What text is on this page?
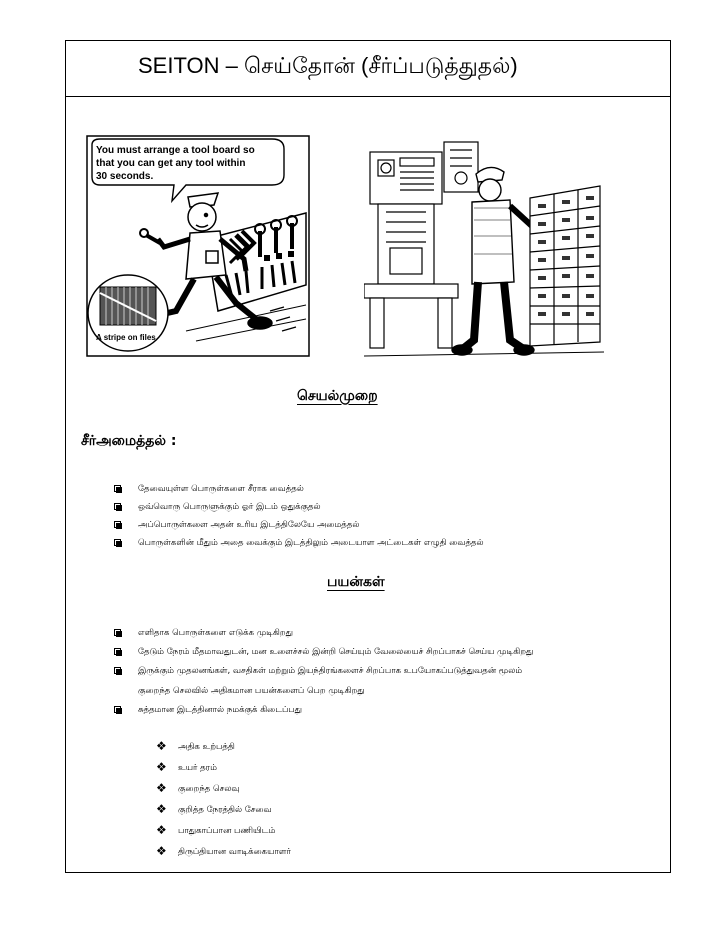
SEITON – செய்தோன் (சீர்ப்படுத்துதல்)
You must arrange a tool board so
that you can get any tool within
30 seconds.
A stripe on files
செயல்முறை
சீர்அமைத்தல் :
தேவையுள்ள பொருள்களை சீராக வைத்தல்
ஒவ்வொரு பொருளுக்கும் ஓர் இடம் ஒதுக்குதல்
அப்பொருள்களை அதன் உரிய இடத்திலேயே அமைத்தல்
பொருள்களின் மீதும் அதை வைக்கும் இடத்திலும் அடையாள அட்டைகள் எழுதி வைத்தல்
பயன்கள்
எளிதாக பொருள்களை எடுக்க முடிகிறது
தேடும் நேரம் மீதமாவதுடன், மன உளைச்சல் இன்றி செய்யும் வேலையைச் சிறப்பாகச் செய்ய முடிகிறது
இருக்கும் முதலனங்கள், வசதிகள் மற்றும் இயந்திரங்களைச் சிறப்பாக உபயோகப்படுத்துவதன் மூலம்
குறைந்த செலவில் அதிகமான பயன்களைப் பெற முடிகிறது
சுத்தமான இடத்தினால் நமக்குக் கிடைப்பது
❖ அதிக உற்பத்தி
❖ உயர் தரம்
❖ குறைந்த செலவு
❖ குறித்த நேரத்தில் சேவை
❖ பாதுகாப்பான பணியிடம்
❖ திருப்தியான வாடிக்கையாளர்
